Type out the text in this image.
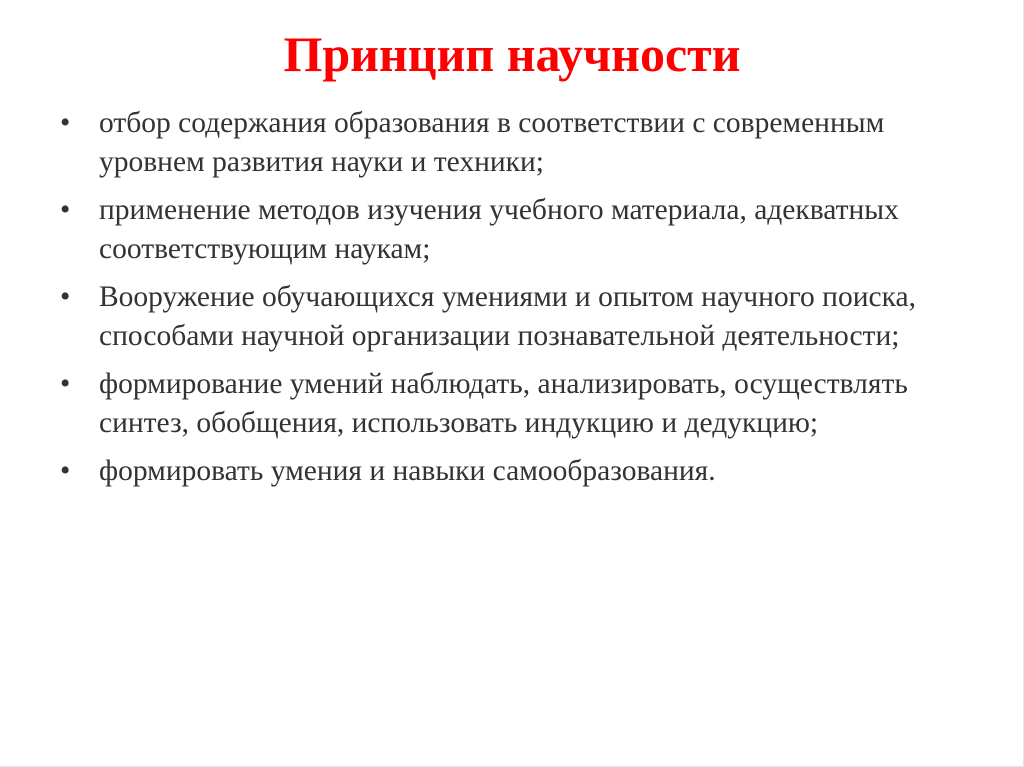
Принцип научности
• отбор содержания образования в соответствии с современным уровнем развития науки и техники;
• применение методов изучения учебного материала, адекватных соответствующим наукам;
• Вооружение обучающихся умениями и опытом научного поиска, способами научной организации познавательной деятельности;
• формирование умений наблюдать, анализировать, осуществлять синтез, обобщения, использовать индукцию и дедукцию;
• формировать умения и навыки самообразования.
